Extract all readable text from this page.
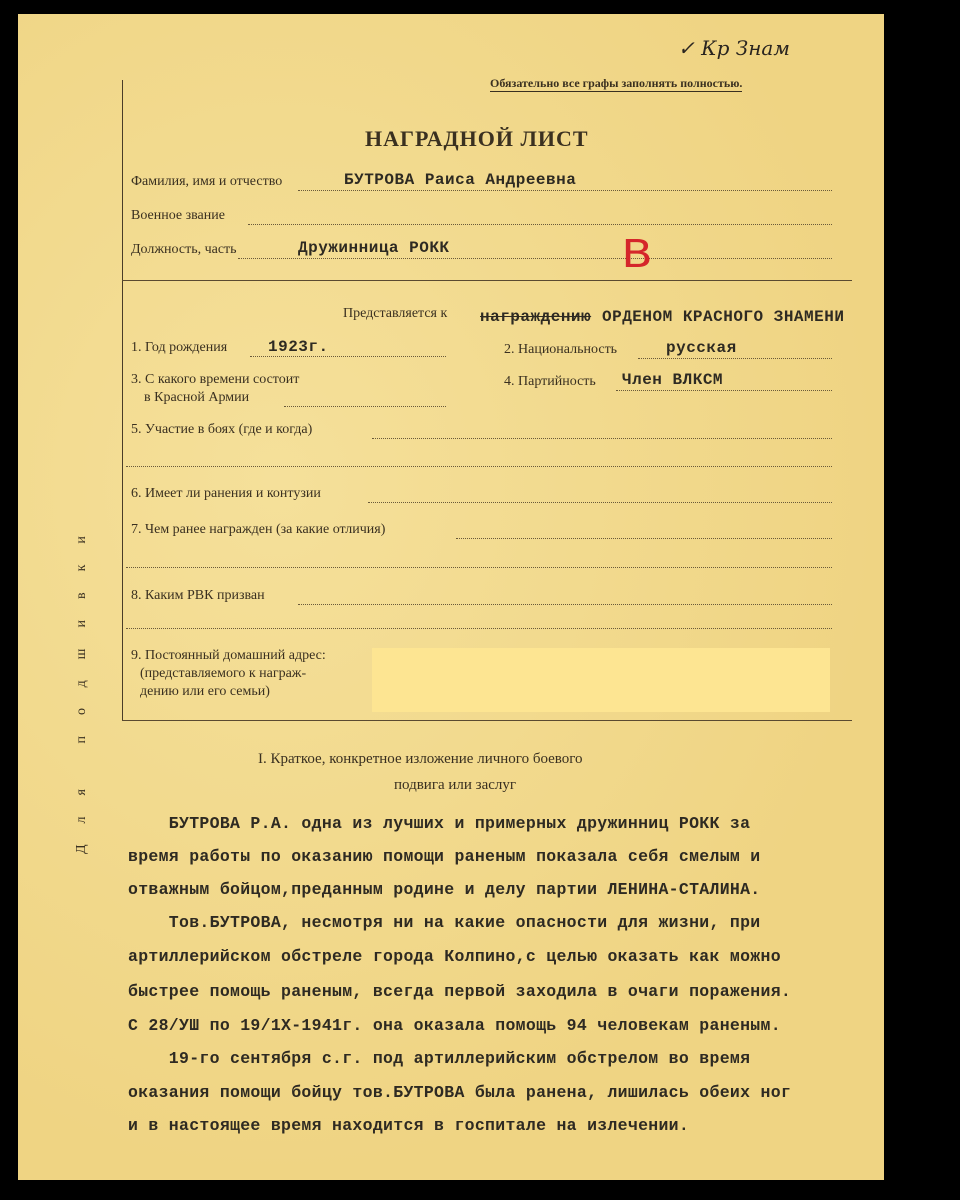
✓ Кр Знам
Обязательно все графы заполнять полностью.
Для подшивки
НАГРАДНОЙ ЛИСТ
Фамилия, имя и отчество	БУТРОВА Раиса Андреевна
Военное звание
Должность, часть	Дружинница РОКК	В
Представляется к награждению ОРДЕНОМ КРАСНОГО ЗНАМЕНИ
1. Год рождения	1923г.	2. Национальность	русская
3. С какого времени состоит
в Красной Армии
4. Партийность Член ВЛКСМ
5. Участие в боях (где и когда)
6. Имеет ли ранения и контузии
7. Чем ранее награжден (за какие отличия)
8. Каким РВК призван
9. Постоянный домашний адрес:
(представляемого к награж-
дению или его семьи)
I. Краткое, конкретное изложение личного боевого
подвига или заслуг
БУТРОВА Р.А. одна из лучших и примерных дружинниц РОКК за
время работы по оказанию помощи раненым показала себя смелым и
отважным бойцом,преданным родине и делу партии ЛЕНИНА-СТАЛИНА.
Тов.БУТРОВА, несмотря ни на какие опасности для жизни, при
артиллерийском обстреле города Колпино,с целью оказать как можно
быстрее помощь раненым, всегда первой заходила в очаги поражения.
С 28/УШ по 19/1Х-1941г. она оказала помощь 94 человекам раненым.
19-го сентября с.г. под артиллерийским обстрелом во время
оказания помощи бойцу тов.БУТРОВА была ранена, лишилась обеих ног
и в настоящее время находится в госпитале на излечении.
